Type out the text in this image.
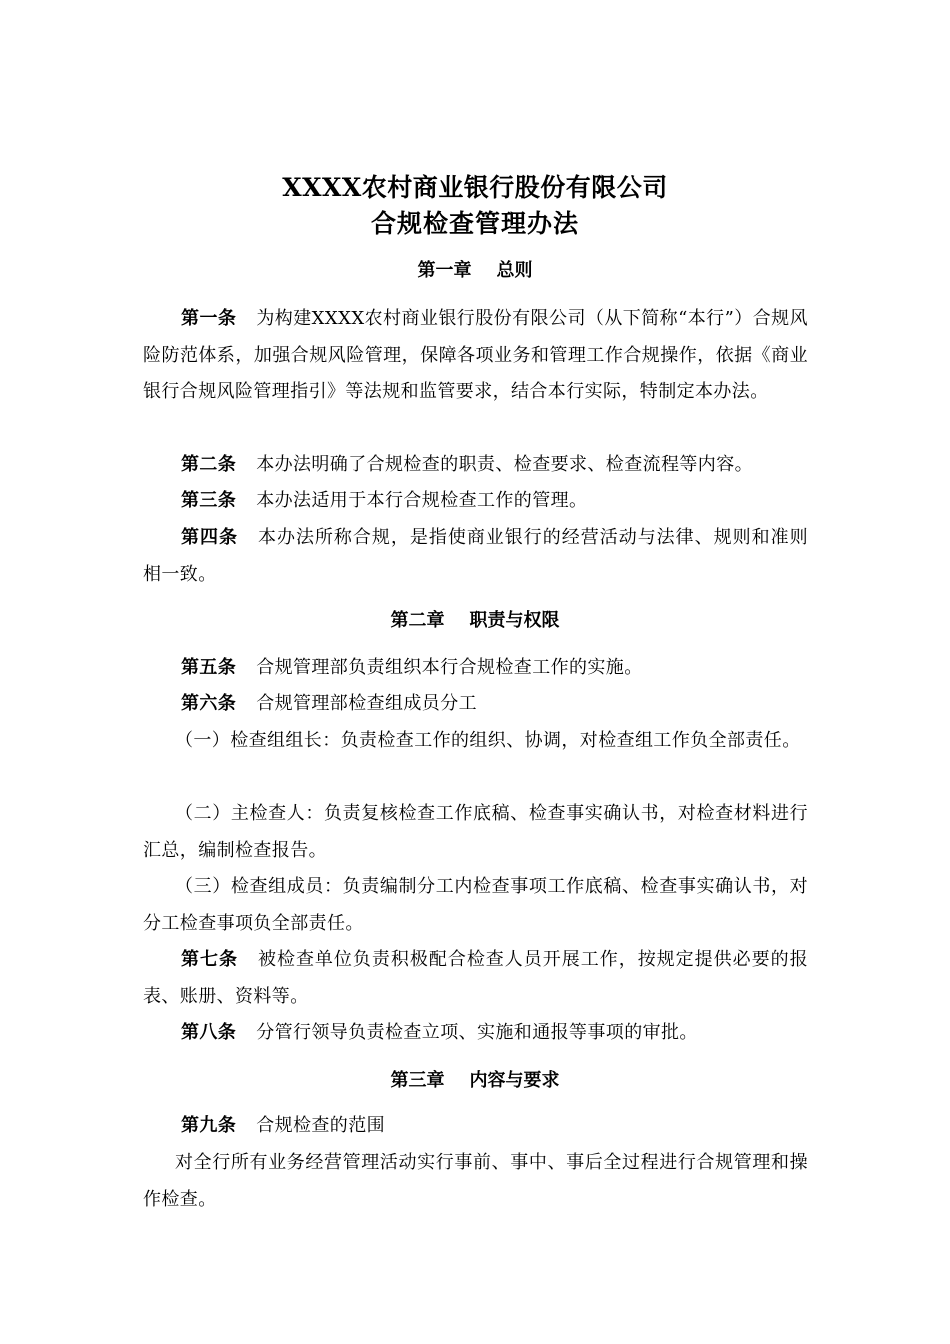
XXXX农村商业银行股份有限公司
合规检查管理办法
第一章 总则
第一条 为构建XXXX农村商业银行股份有限公司（从下简称“本行”）合规风险防范体系，加强合规风险管理，保障各项业务和管理工作合规操作，依据《商业银行合规风险管理指引》等法规和监管要求，结合本行实际，特制定本办法。
第二条 本办法明确了合规检查的职责、检查要求、检查流程等内容。
第三条 本办法适用于本行合规检查工作的管理。
第四条 本办法所称合规，是指使商业银行的经营活动与法律、规则和准则相一致。
第二章 职责与权限
第五条 合规管理部负责组织本行合规检查工作的实施。
第六条 合规管理部检查组成员分工
（一）检查组组长：负责检查工作的组织、协调，对检查组工作负全部责任。
（二）主检查人：负责复核检查工作底稿、检查事实确认书，对检查材料进行汇总，编制检查报告。
（三）检查组成员：负责编制分工内检查事项工作底稿、检查事实确认书，对分工检查事项负全部责任。
第七条 被检查单位负责积极配合检查人员开展工作，按规定提供必要的报表、账册、资料等。
第八条 分管行领导负责检查立项、实施和通报等事项的审批。
第三章 内容与要求
第九条 合规检查的范围
对全行所有业务经营管理活动实行事前、事中、事后全过程进行合规管理和操作检查。
